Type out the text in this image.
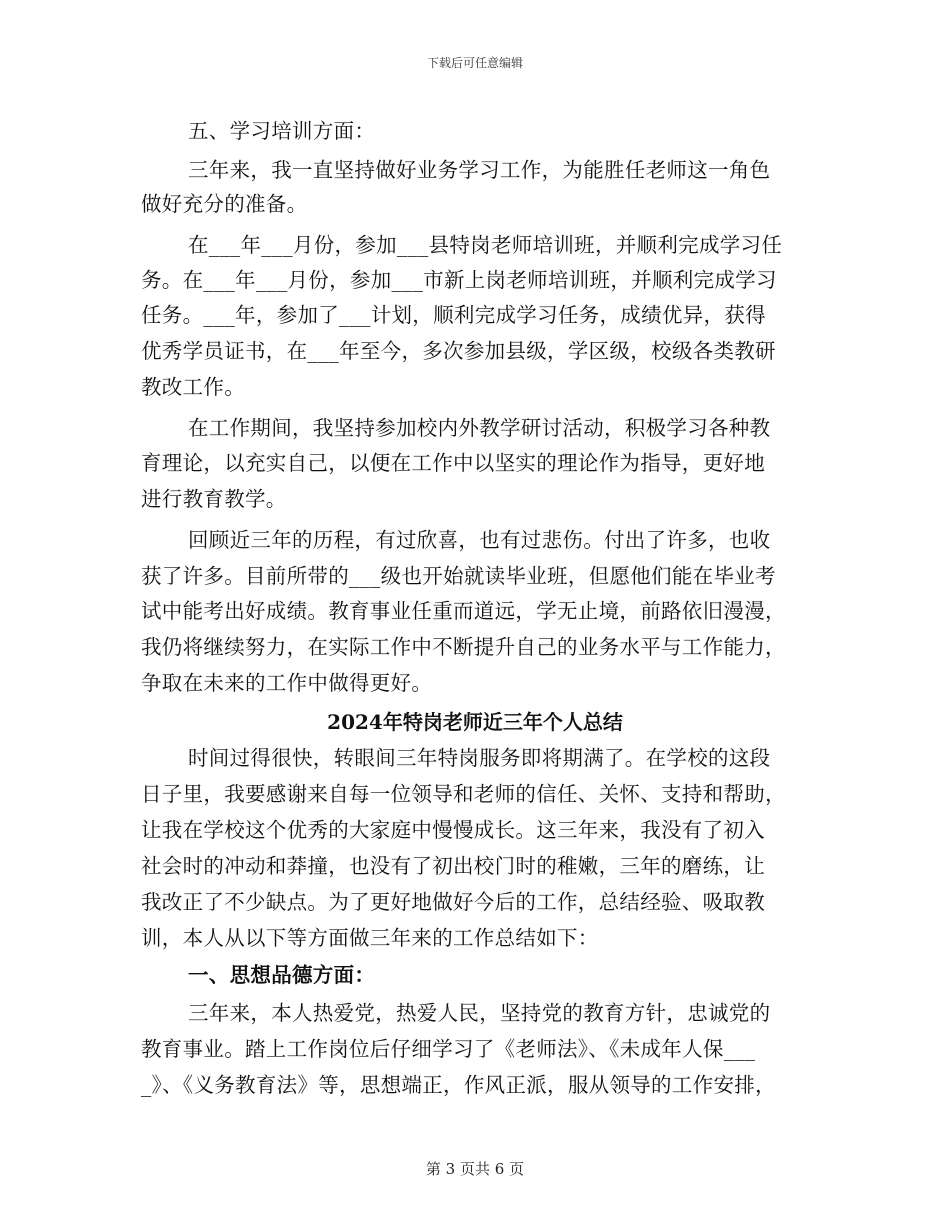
下载后可任意编辑
五、学习培训方面：
三年来，我一直坚持做好业务学习工作，为能胜任老师这一角色
做好充分的准备。
在___年___月份，参加___县特岗老师培训班，并顺利完成学习任
务。在___年___月份，参加___市新上岗老师培训班，并顺利完成学习
任务。___年，参加了___计划，顺利完成学习任务，成绩优异，获得
优秀学员证书，在___年至今，多次参加县级，学区级，校级各类教研
教改工作。
在工作期间，我坚持参加校内外教学研讨活动，积极学习各种教
育理论，以充实自己，以便在工作中以坚实的理论作为指导，更好地
进行教育教学。
回顾近三年的历程，有过欣喜，也有过悲伤。付出了许多，也收
获了许多。目前所带的___级也开始就读毕业班，但愿他们能在毕业考
试中能考出好成绩。教育事业任重而道远，学无止境，前路依旧漫漫，
我仍将继续努力，在实际工作中不断提升自己的业务水平与工作能力，
争取在未来的工作中做得更好。
时间过得很快，转眼间三年特岗服务即将期满了。在学校的这段
日子里，我要感谢来自每一位领导和老师的信任、关怀、支持和帮助，
让我在学校这个优秀的大家庭中慢慢成长。这三年来，我没有了初入
社会时的冲动和莽撞，也没有了初出校门时的稚嫩，三年的磨练，让
我改正了不少缺点。为了更好地做好今后的工作，总结经验、吸取教
训，本人从以下等方面做三年来的工作总结如下：
一、思想品德方面：
三年来，本人热爱党，热爱人民，坚持党的教育方针，忠诚党的
教育事业。踏上工作岗位后仔细学习了《老师法》、《未成年人保___
_》、《义务教育法》等，思想端正，作风正派，服从领导的工作安排，
2024年特岗老师近三年个人总结
第 3 页共 6 页
